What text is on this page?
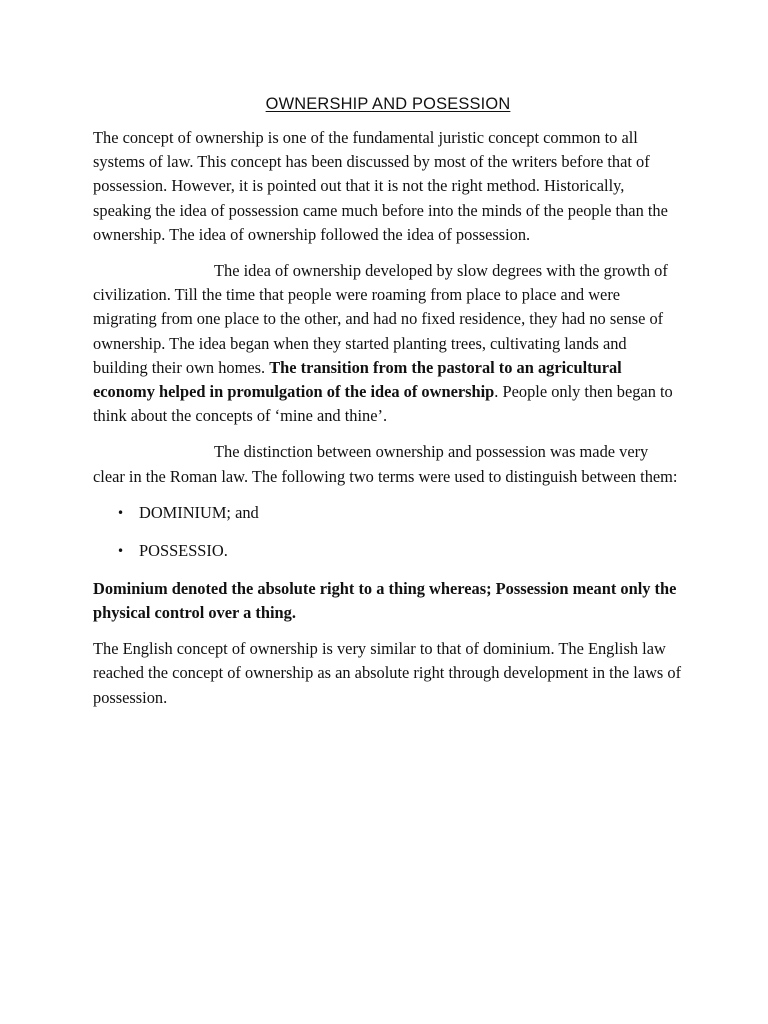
OWNERSHIP AND POSESSION

The concept of ownership is one of the fundamental juristic concept common to all systems of law. This concept has been discussed by most of the writers before that of possession. However, it is pointed out that it is not the right method. Historically, speaking the idea of possession came much before into the minds of the people than the ownership. The idea of ownership followed the idea of possession.

The idea of ownership developed by slow degrees with the growth of civilization. Till the time that people were roaming from place to place and were migrating from one place to the other, and had no fixed residence, they had no sense of ownership. The idea began when they started planting trees, cultivating lands and building their own homes. The transition from the pastoral to an agricultural economy helped in promulgation of the idea of ownership. People only then began to think about the concepts of ‘mine and thine’.

The distinction between ownership and possession was made very clear in the Roman law. The following two terms were used to distinguish between them:

• DOMINIUM; and
• POSSESSIO.

Dominium denoted the absolute right to a thing whereas; Possession meant only the physical control over a thing.

The English concept of ownership is very similar to that of dominium. The English law reached the concept of ownership as an absolute right through development in the laws of possession.
